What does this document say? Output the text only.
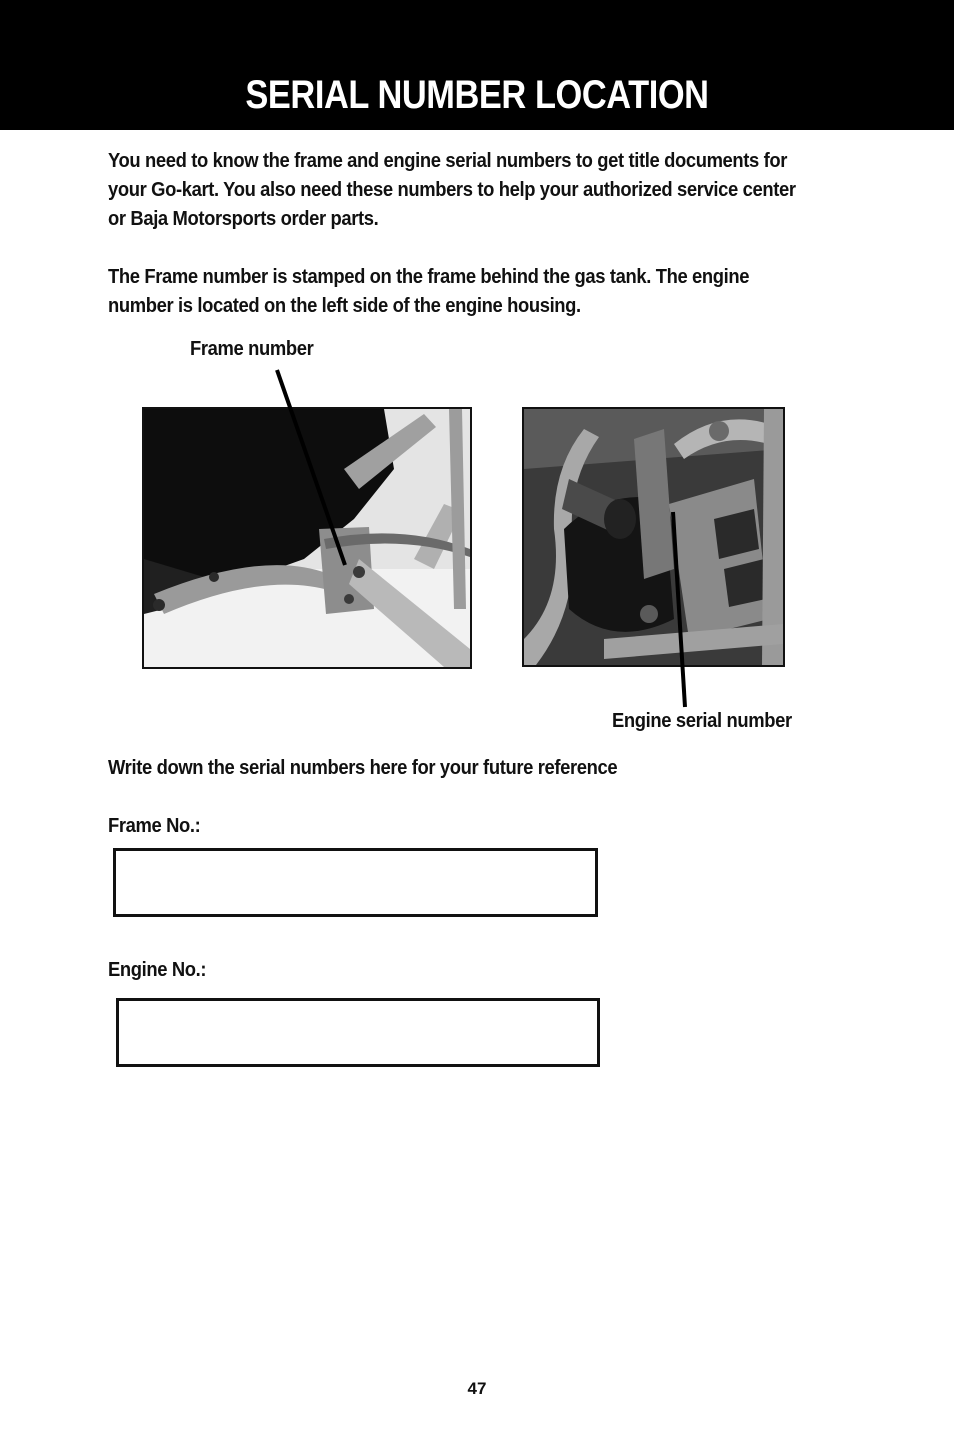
SERIAL NUMBER LOCATION

You need to know the frame and engine serial numbers to get title documents for your Go-kart. You also need these numbers to help your authorized service center or Baja Motorsports order parts.

The Frame number is stamped on the frame behind the gas tank. The engine number is located on the left side of the engine housing.

Frame number
Engine serial number
Write down the serial numbers here for your future reference
Frame No.:
Engine No.:
47
